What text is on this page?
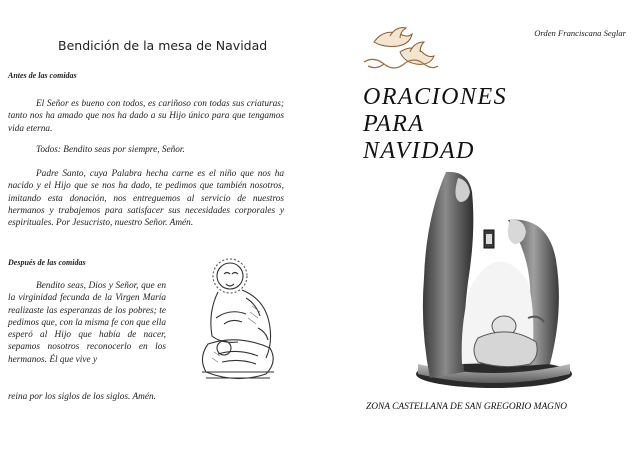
Bendición de la mesa de Navidad
Antes de las comidas
El Señor es bueno con todos, es cariñoso con todas sus criaturas; tanto nos ha amado que nos ha dado a su Hijo único para que tengamos vida eterna.
Todos: Bendito seas por siempre, Señor.
Padre Santo, cuya Palabra hecha carne es el niño que nos ha nacido y el Hijo que se nos ha dado, te pedimos que también nosotros, imitando esta donación, nos entreguemos al servicio de nuestros hermanos y trabajemos para satisfacer sus necesidades corporales y espirituales. Por Jesucristo, nuestro Señor. Amén.
Después de las comidas
Bendito seas, Dios y Señor, que en la virginidad fecunda de la Virgen María realizaste las esperanzas de los pobres; te pedimos que, con la misma fe con que ella esperó al Hijo que había de nacer, sepamos nosotros reconocerlo en los hermanos. Él que vive y
reina por los siglos de los siglos. Amén.
Orden Franciscana Seglar
ORACIONES
PARA
NAVIDAD
ZONA CASTELLANA DE SAN GREGORIO MAGNO
